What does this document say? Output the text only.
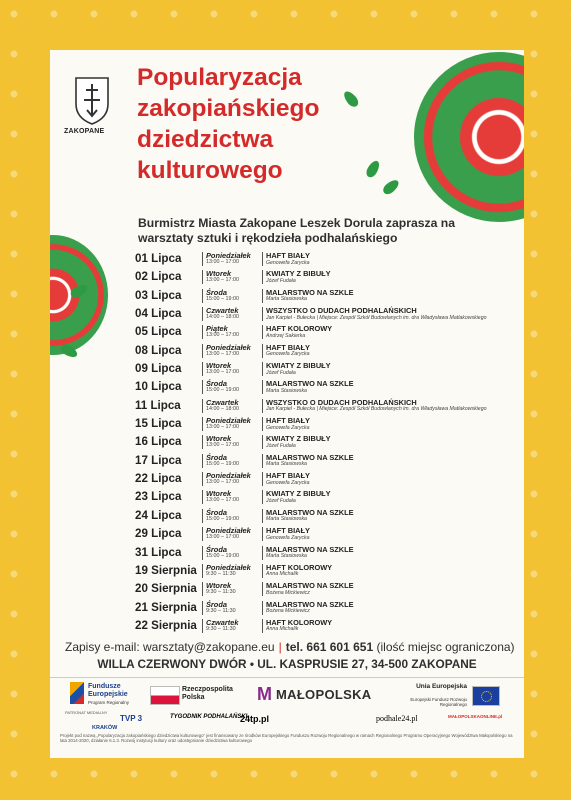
ZAKOPANE
Popularyzacja zakopiańskiego dziedzictwa kulturowego
Burmistrz Miasta Zakopane Leszek Dorula zaprasza na warsztaty sztuki i rękodzieła podhalańskiego
01 Lipca	Poniedziałek
13:00 – 17:00
HAFT BIAŁY
Genowefa Zarycka
02 Lipca	Wtorek
13:00 – 17:00
KWIATY Z BIBUŁY
Józef Fudała
03 Lipca	Środa
15:00 – 19:00
MALARSTWO NA SZKLE
Marta Stasiowska
04 Lipca	Czwartek
14:00 – 18:00
WSZYSTKO O DUDACH PODHALAŃSKICH
Jan Karpiel - Bułecka | Miejsce: Zespół Szkół Budowlanych im. dra Władysława Matlakowskiego
05 Lipca	Piątek
13:00 – 17:00
HAFT KOLOROWY
Andrzej Sakierka
08 Lipca	Poniedziałek
13:00 – 17:00
HAFT BIAŁY
Genowefa Zarycka
09 Lipca	Wtorek
13:00 – 17:00
KWIATY Z BIBUŁY
Józef Fudała
10 Lipca	Środa
15:00 – 19:00
MALARSTWO NA SZKLE
Marta Stasiowska
11 Lipca	Czwartek
14:00 – 18:00
WSZYSTKO O DUDACH PODHALAŃSKICH
Jan Karpiel - Bułecka | Miejsce: Zespół Szkół Budowlanych im. dra Władysława Matlakowskiego
15 Lipca	Poniedziałek
13:00 – 17:00
HAFT BIAŁY
Genowefa Zarycka
16 Lipca	Wtorek
13:00 – 17:00
KWIATY Z BIBUŁY
Józef Fudała
17 Lipca	Środa
15:00 – 19:00
MALARSTWO NA SZKLE
Marta Stasiowska
22 Lipca	Poniedziałek
13:00 – 17:00
HAFT BIAŁY
Genowefa Zarycka
23 Lipca	Wtorek
13:00 – 17:00
KWIATY Z BIBUŁY
Józef Fudała
24 Lipca	Środa
15:00 – 19:00
MALARSTWO NA SZKLE
Marta Stasiowska
29 Lipca	Poniedziałek
13:00 – 17:00
HAFT BIAŁY
Genowefa Zarycka
31 Lipca	Środa
15:00 – 19:00
MALARSTWO NA SZKLE
Marta Stasiowska
19 Sierpnia Poniedziałek
9:30 – 11:30
HAFT KOLOROWY
Anna Michalik
20 Sierpnia Wtorek
9:30 – 11:30
MALARSTWO NA SZKLE
Bożena Mickiewicz
21 Sierpnia Środa
9:30 – 11:30
MALARSTWO NA SZKLE
Bożena Mickiewicz
22 Sierpnia Czwartek
9:30 – 11:30
HAFT KOLOROWY
Anna Michalik
Zapisy e-mail: warsztaty@zakopane.eu | tel. 661 601 651 (ilość miejsc ograniczona)
WILLA CZERWONY DWÓR • UL. KASPRUSIE 27, 34-500 ZAKOPANE
Fundusze
Europejskie
Program Regionalny
Rzeczpospolita
Polska	M MAŁOPOLSKA
Unia Europejska
Europejski Fundusz Rozwoju Regionalnego
PATRONAT MEDIALNY
KRAKÓW
TVP 3	TYGODNIK PODHALAŃSKI
24tp.pl	podhale24.pl	MAŁOPOLSKAONLINE.pl
Projekt pod nazwą „Popularyzacja zakopiańskiego dziedzictwa kulturowego” jest finansowany ze środków Europejskiego Funduszu Rozwoju Regionalnego w ramach Regionalnego Programu Operacyjnego Województwa Małopolskiego na lata 2014-2020, działanie 6.1.3. Rozwój instytucji kultury oraz udostępnianie dziedzictwa kulturowego
